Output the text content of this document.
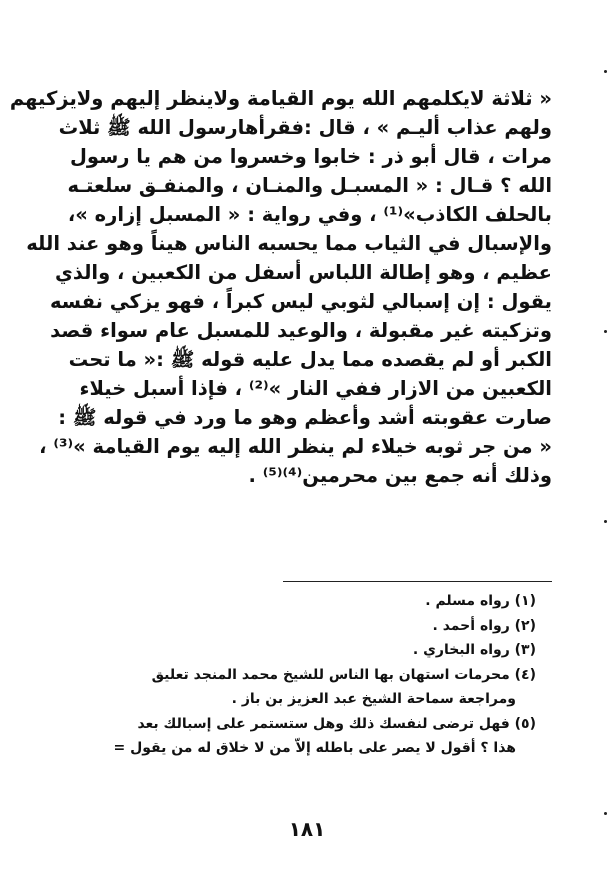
« ثلاثة لايكلمهم الله يوم القيامة ولاينظر إليهم ولايزكيهم
ولهم عذاب أليـم » ، قال :فقرأهارسول الله ﷺ ثلاث
مرات ، قال أبو ذر : خابوا وخسروا من هم يا رسول
الله ؟ قـال : « المسبـل والمنـان ، والمنفـق سلعتـه
بالحلف الكاذب»⁽¹⁾ ، وفي رواية : « المسبل إزاره »،
والإسبال في الثياب مما يحسبه الناس هيناً وهو عند الله
عظيم ، وهو إطالة اللباس أسفل من الكعبين ، والذي
يقول : إن إسبالي لثوبي ليس كبراً ، فهو يزكي نفسه
وتزكيته غير مقبولة ، والوعيد للمسبل عام سواء قصد
الكبر أو لم يقصده مما يدل عليه قوله ﷺ :« ما تحت
الكعبين من الازار ففي النار »⁽²⁾ ، فإذا أسبل خيلاء
صارت عقوبته أشد وأعظم وهو ما ورد في قوله ﷺ :
« من جر ثوبه خيلاء لم ينظر الله إليه يوم القيامة »⁽³⁾ ،
وذلك أنه جمع بين محرمين⁽⁴⁾⁽⁵⁾ .
(١) رواه مسلم .
(٢) رواه أحمد .
(٣) رواه البخاري .
(٤) محرمات استهان بها الناس للشيخ محمد المنجد تعليق
ومراجعة سماحة الشيخ عبد العزيز بن باز .
(٥) فهل ترضى لنفسك ذلك وهل ستستمر على إسبالك بعد
هذا ؟ أقول لا يصر على باطله إلاّ من لا خلاق له من يقول =
١٨١
